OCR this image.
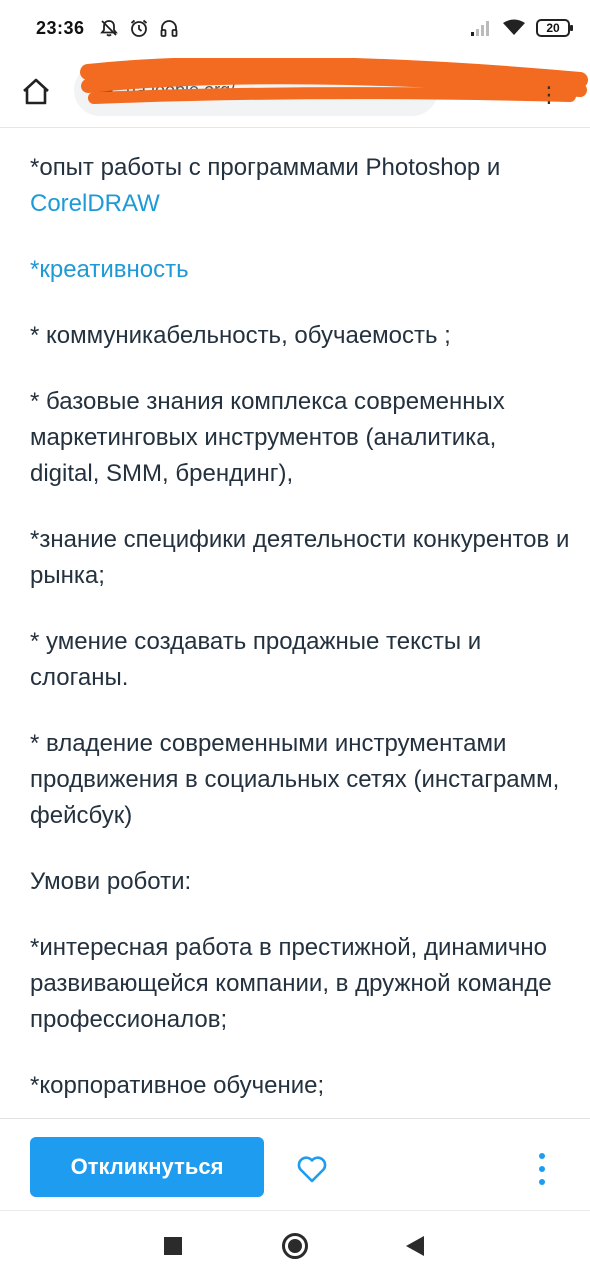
23:36	20
ua.jooble.org/…	⋮

*опыт работы с программами Photoshop и CorelDRAW

*креативность

* коммуникабельность, обучаемость ;

* базовые знания комплекса современных маркетинговых инструментов (аналитика, digital, SMM, брендинг),

*знание специфики деятельности конкурентов и рынка;

* умение создавать продажные тексты и слоганы.

* владение современными инструментами продвижения в социальных сетях (инстаграмм, фейсбук)

Умови роботи:

*интересная работа в престижной, динамично развивающейся компании, в дружной команде профессионалов;

*корпоративное обучение;

Откликнуться
